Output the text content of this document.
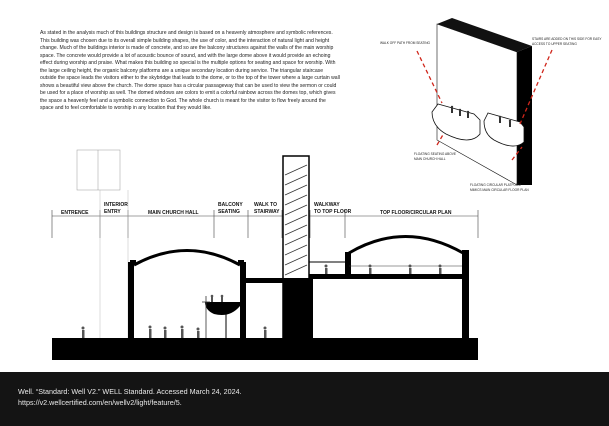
As stated in the analysis much of this buildings structure and design is based on a heavenly atmosphere and symbolic references. This building was chosen due to its overall simple building shapes, the use of color, and the interaction of natural light and height change. Much of the buildings interior is made of concrete, and so are the balcony structures against the walls of the main worship space. The concrete would provide a lot of acoustic bounce of sound, and with the large dome above it would provide an echoing effect during worship and praise. What makes this building so special is the multiple options for seating and space for worship. With the large ceiling height, the organic balcony platforms are a unique secondary location during service. The triangular staircase outside the space leads the visitors either to the skybridge that leads to the dome, or to the top of the tower where a large curtain wall shows a beautiful view above the church. The dome space has a circular passageway that can be used to view the sermon or could be used for a place of worship as well. The domed windows are colors to emit a colorful rainbow across the domes top, which gives the space a heavenly feel and a symbolic connection to God. The whole church is meant for the visitor to flow freely around the space and to feel comfortable to worship in any location that they would like.
WALK OFF PATH FROM SEATING
STAIRS ARE ADDED ON THIS SIDE FOR EASY
ACCESS TO UPPER SEATING
FLOATING SEATING ABOVE
MAIN CHURCH HALL
FLOATING CIRCULAR PLATFORM
MIMICS MAIN CIRCULAR FLOOR PLAN
ENTRENCE
INTERIOR
ENTRY	MAIN CHURCH HALL
BALCONY
SEATING
WALK TO
STAIRWAY
WALKWAY
TO TOP FLOOR	TOP FLOOR/CIRCULAR PLAN
Well. “Standard: Well V2.” WELL Standard. Accessed March 24, 2024.
https://v2.wellcertified.com/en/wellv2/light/feature/5.
